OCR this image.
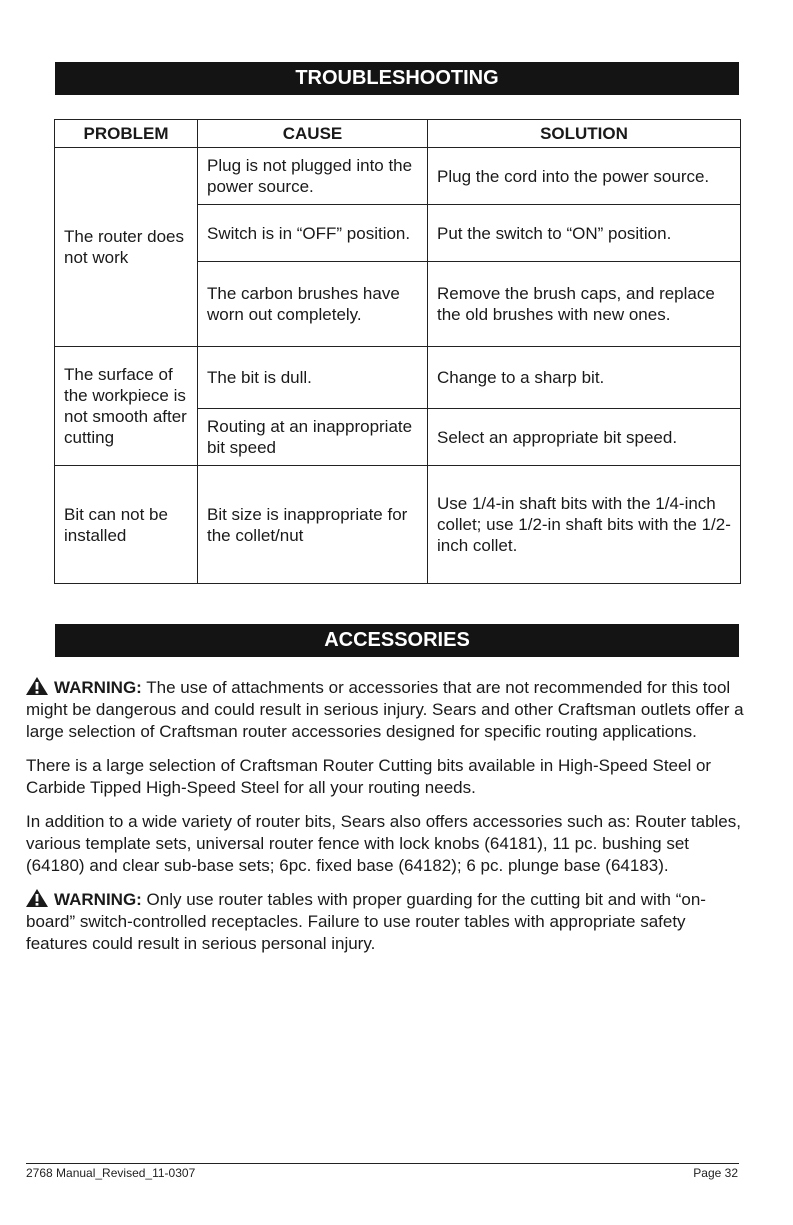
TROUBLESHOOTING
PROBLEM	CAUSE	SOLUTION
The router does not work	Plug is not plugged into the power source.	Plug the cord into the power source.
	Switch is in “OFF” position.	Put the switch to “ON” position.
	The carbon brushes have worn out completely.	Remove the brush caps, and replace the old brushes with new ones.
The surface of the workpiece is not smooth after cutting	The bit is dull.	Change to a sharp bit.
	Routing at an inappropriate bit speed	Select an appropriate bit speed.
Bit can not be installed	Bit size is inappropriate for the collet/nut	Use 1/4-in shaft bits with the 1/4-inch collet; use 1/2-in shaft bits with the 1/2-inch collet.
ACCESSORIES

WARNING: The use of attachments or accessories that are not recommended for this tool might be dangerous and could result in serious injury. Sears and other Craftsman outlets offer a large selection of Craftsman router accessories designed for specific routing applications.

There is a large selection of Craftsman Router Cutting bits available in High-Speed Steel or Carbide Tipped High-Speed Steel for all your routing needs.

In addition to a wide variety of router bits, Sears also offers accessories such as: Router tables, various template sets, universal router fence with lock knobs (64181), 11 pc. bushing set (64180) and clear sub-base sets; 6pc. fixed base (64182); 6 pc. plunge base (64183).

WARNING: Only use router tables with proper guarding for the cutting bit and with “on-board” switch-controlled receptacles. Failure to use router tables with appropriate safety features could result in serious personal injury.

2768 Manual_Revised_11-0307	Page 32
